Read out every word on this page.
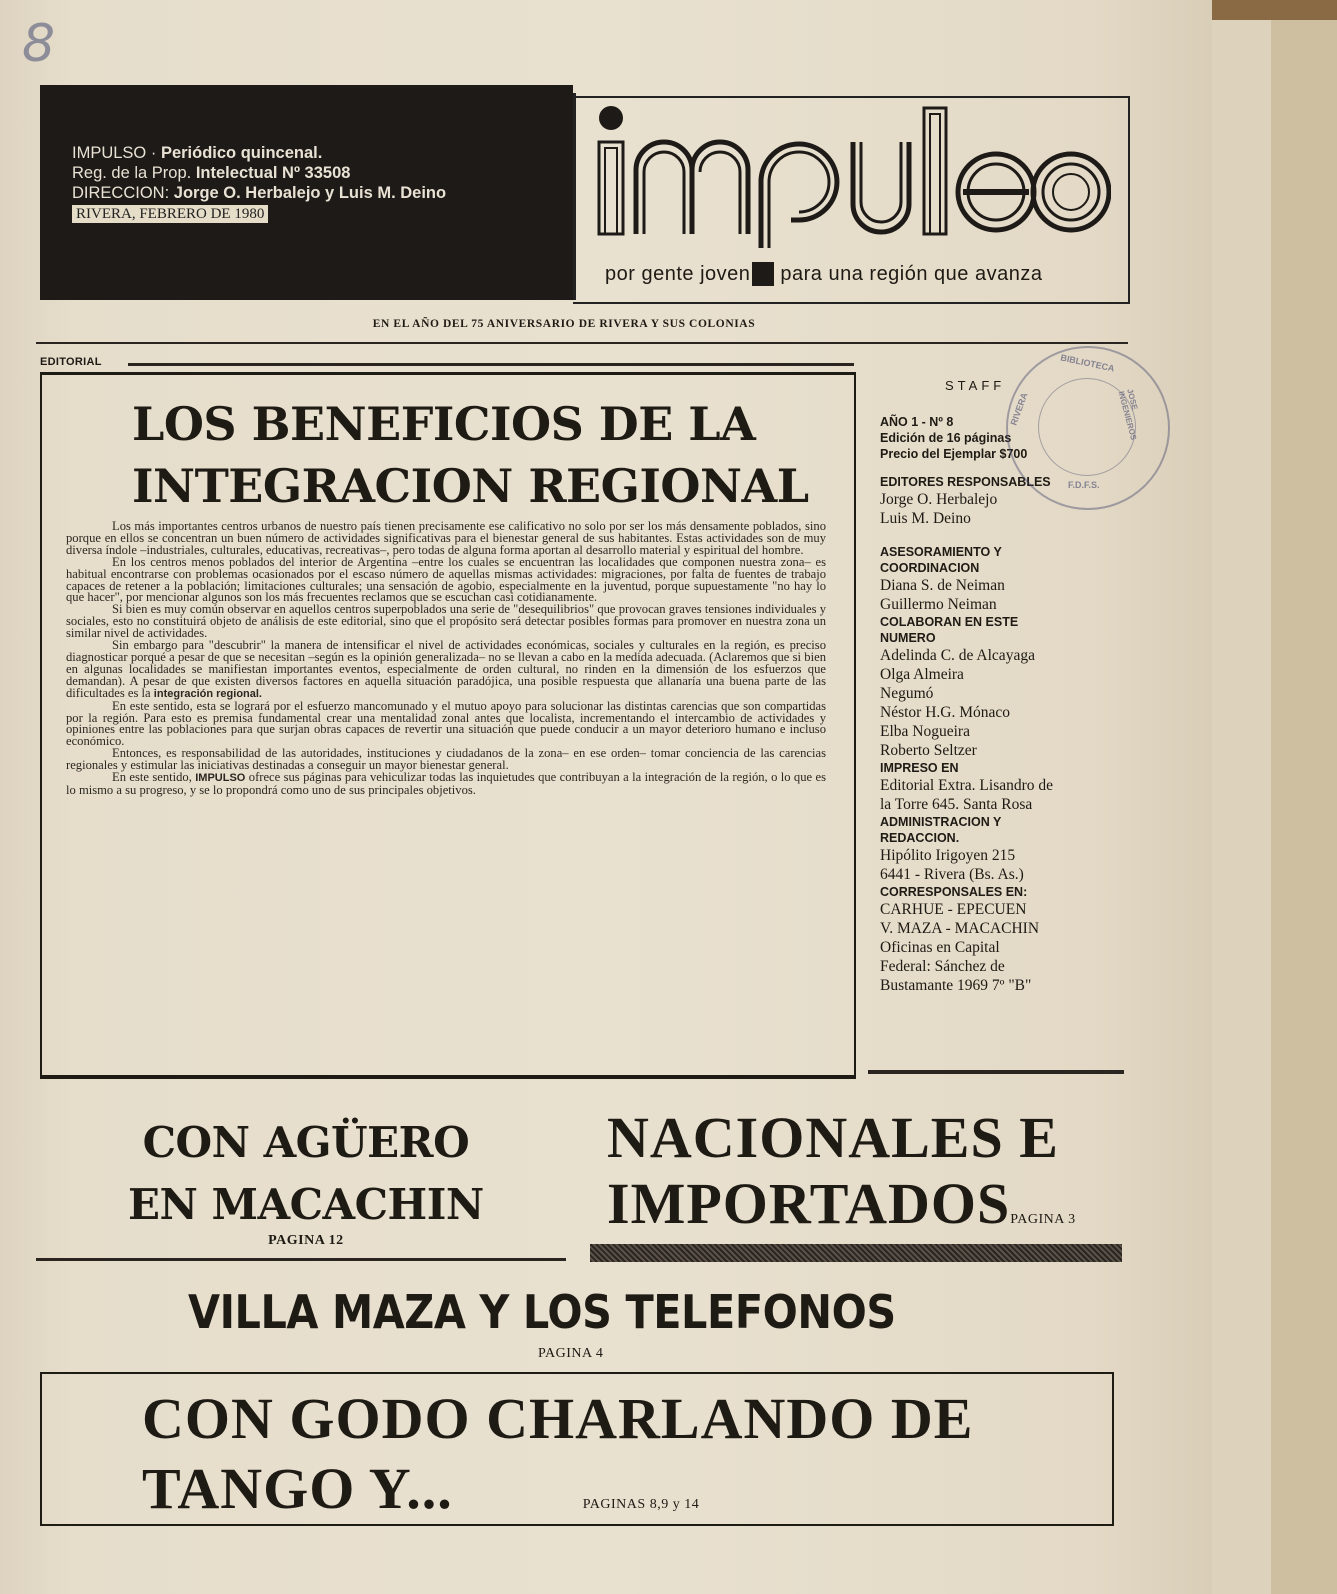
8
IMPULSO · Periódico quincenal.
Reg. de la Prop. Intelectual Nº 33508
DIRECCION: Jorge O. Herbalejo y Luis M. Deino
RIVERA, FEBRERO DE 1980
por gente joven para una región que avanza
EN EL AÑO DEL 75 ANIVERSARIO DE RIVERA Y SUS COLONIAS
EDITORIAL
LOS BENEFICIOS DE LA
INTEGRACION REGIONAL

Los más importantes centros urbanos de nuestro país tienen precisamente ese calificativo no solo por ser los más densamente poblados, sino porque en ellos se concentran un buen número de actividades significativas para el bienestar general de sus habitantes. Estas actividades son de muy diversa índole –industriales, culturales, educativas, recreativas–, pero todas de alguna forma aportan al desarrollo material y espiritual del hombre.

En los centros menos poblados del interior de Argentina –entre los cuales se encuentran las localidades que componen nuestra zona– es habitual encontrarse con problemas ocasionados por el escaso número de aquellas mismas actividades: migraciones, por falta de fuentes de trabajo capaces de retener a la población; limitaciones culturales; una sensación de agobio, especialmente en la juventud, porque supuestamente "no hay lo que hacer", por mencionar algunos son los más frecuentes reclamos que se escuchan casi cotidianamente.

Si bien es muy común observar en aquellos centros superpoblados una serie de "desequilibrios" que provocan graves tensiones individuales y sociales, esto no constituirá objeto de análisis de este editorial, sino que el propósito será detectar posibles formas para promover en nuestra zona un similar nivel de actividades.

Sin embargo para "descubrir" la manera de intensificar el nivel de actividades económicas, sociales y culturales en la región, es preciso diagnosticar porqué a pesar de que se necesitan –según es la opinión generalizada– no se llevan a cabo en la medida adecuada. (Aclaremos que si bien en algunas localidades se manifiestan importantes eventos, especialmente de orden cultural, no rinden en la dimensión de los esfuerzos que demandan). A pesar de que existen diversos factores en aquella situación paradójica, una posible respuesta que allanaría una buena parte de las dificultades es la integración regional.

En este sentido, esta se logrará por el esfuerzo mancomunado y el mutuo apoyo para solucionar las distintas carencias que son compartidas por la región. Para esto es premisa fundamental crear una mentalidad zonal antes que localista, incrementando el intercambio de actividades y opiniones entre las poblaciones para que surjan obras capaces de revertir una situación que puede conducir a un mayor deterioro humano e incluso económico.

Entonces, es responsabilidad de las autoridades, instituciones y ciudadanos de la zona– en ese orden– tomar conciencia de las carencias regionales y estimular las iniciativas destinadas a conseguir un mayor bienestar general.

En este sentido, IMPULSO ofrece sus páginas para vehiculizar todas las inquietudes que contribuyan a la integración de la región, o lo que es lo mismo a su progreso, y se lo propondrá como uno de sus principales objetivos.

STAFF
AÑO 1 - Nº 8
Edición de 16 páginas
Precio del Ejemplar $700
EDITORES RESPONSABLES
Jorge O. Herbalejo
Luis M. Deino
ASESORAMIENTO Y
COORDINACION
Diana S. de Neiman
Guillermo Neiman
COLABORAN EN ESTE
NUMERO
Adelinda C. de Alcayaga
Olga Almeira
Negumó
Néstor H.G. Mónaco
Elba Nogueira
Roberto Seltzer
IMPRESO EN
Editorial Extra. Lisandro de
la Torre 645. Santa Rosa
ADMINISTRACION Y
REDACCION.
Hipólito Irigoyen 215
6441 - Rivera (Bs. As.)
CORRESPONSALES EN:
CARHUE - EPECUEN
V. MAZA - MACACHIN
Oficinas en Capital
Federal: Sánchez de
Bustamante 1969 7º "B"
BIBLIOTECA
JOSE INGENIEROS
RIVERA
F.D.F.S.
CON AGÜERO
EN MACACHIN
PAGINA 12
NACIONALES E
IMPORTADOSPAGINA 3
VILLA MAZA Y LOS TELEFONOS
PAGINA 4
CON GODO CHARLANDO DE
TANGO Y...	PAGINAS 8,9 y 14
